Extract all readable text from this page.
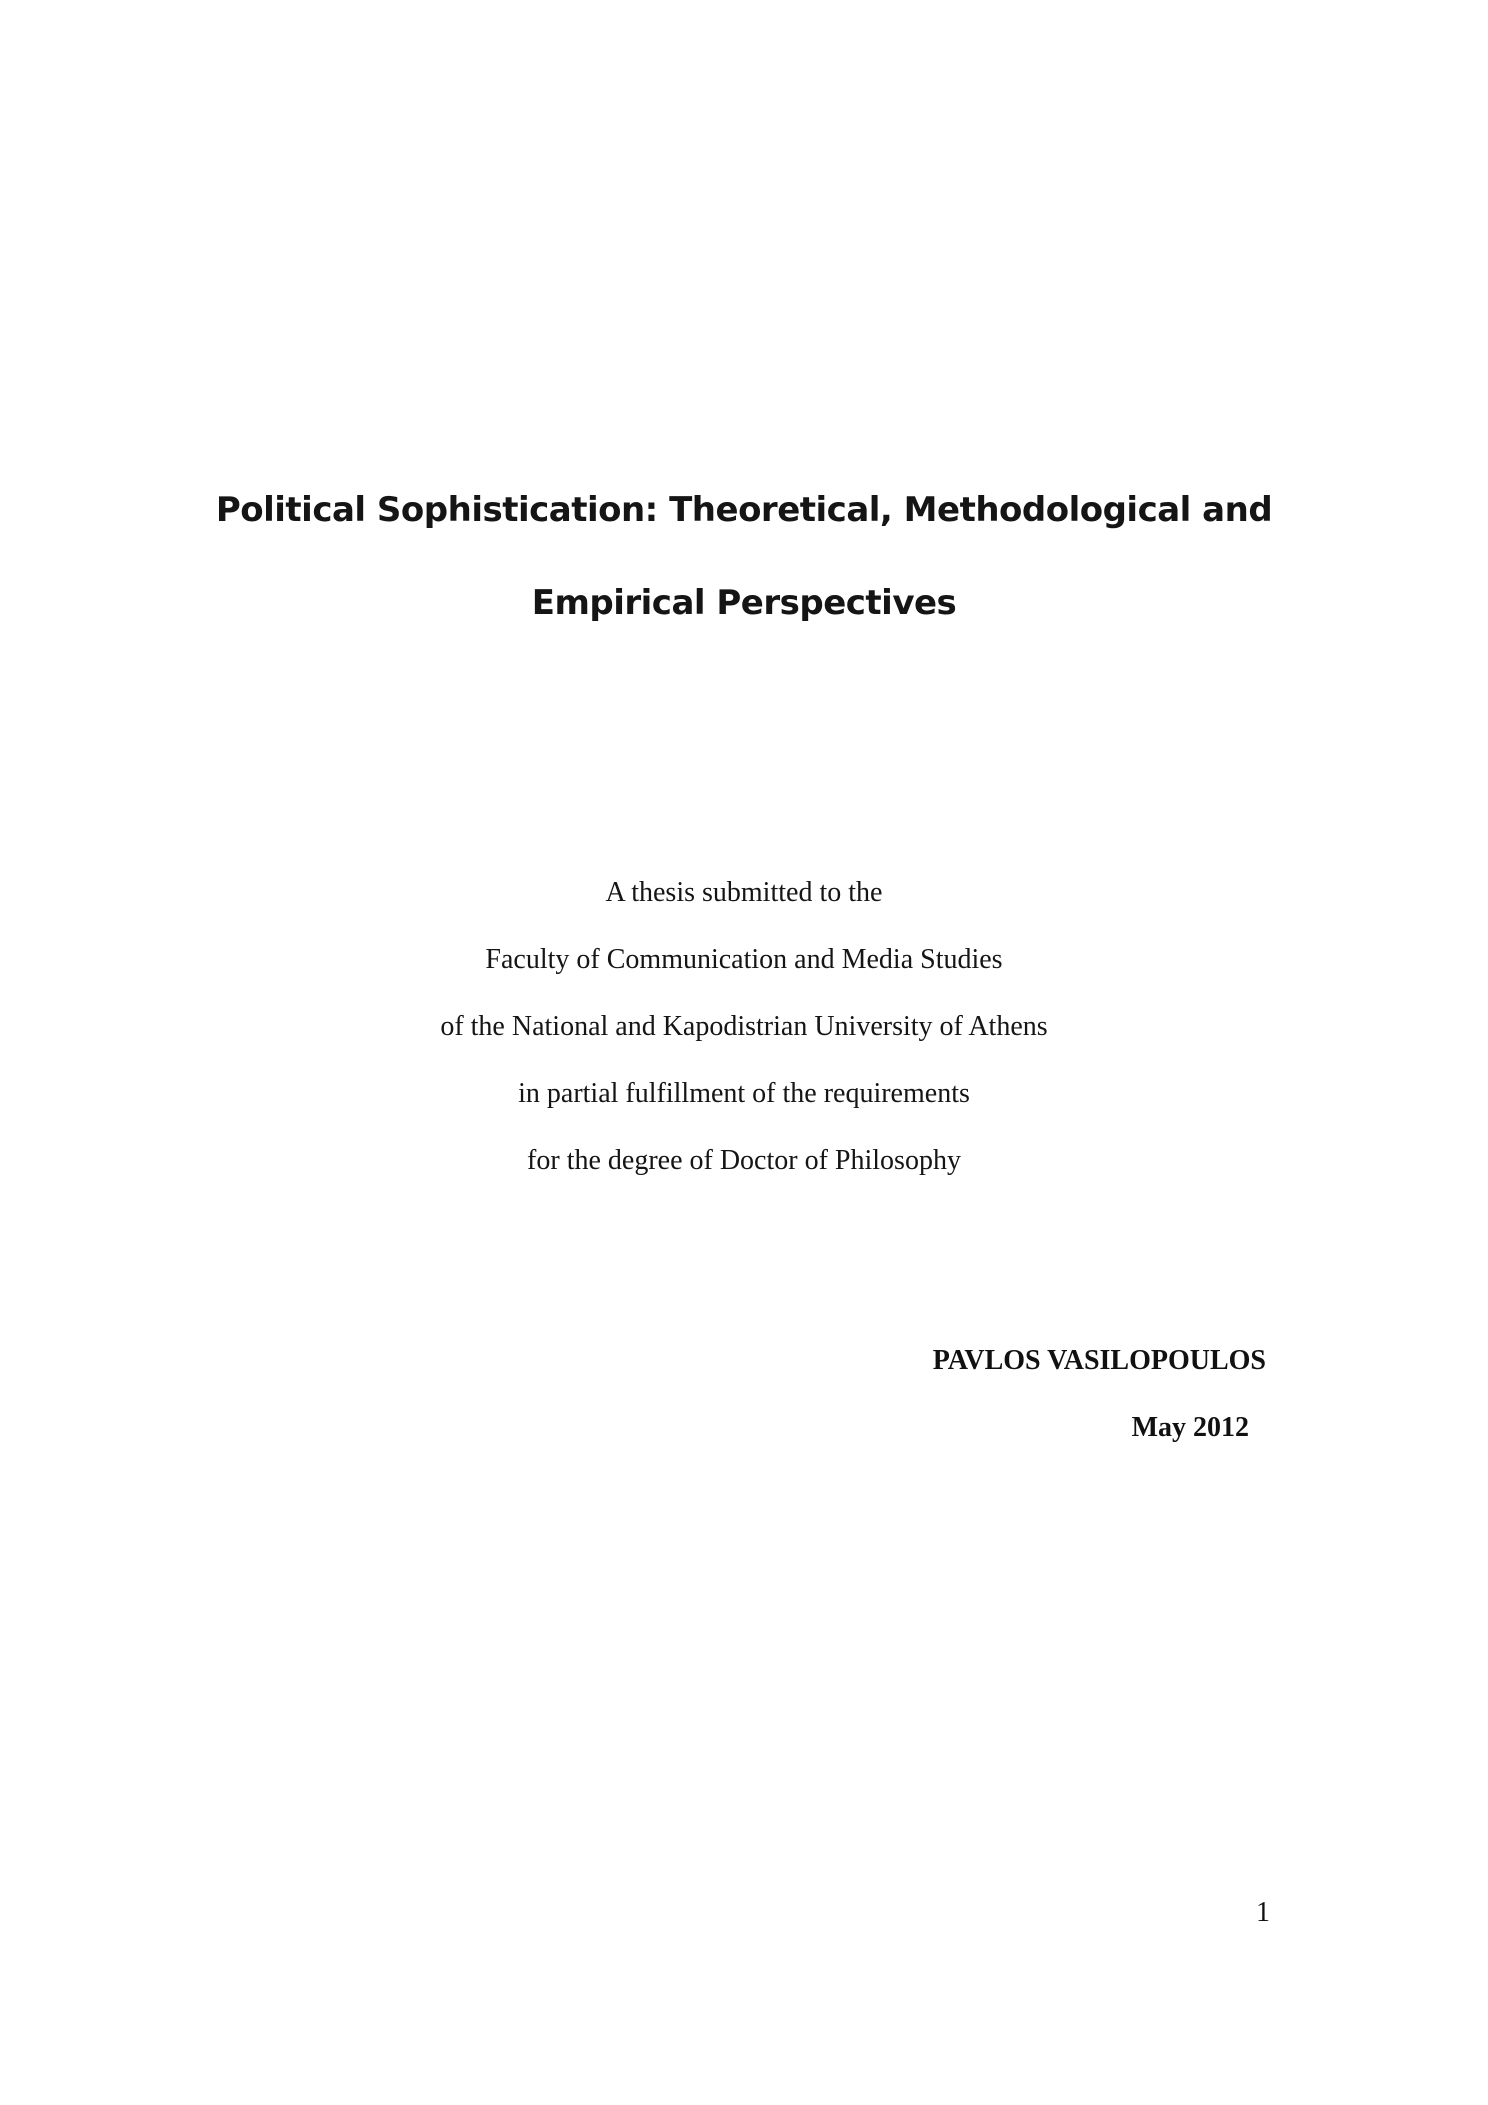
Political Sophistication: Theoretical, Methodological and
Empirical Perspectives
A thesis submitted to the
Faculty of Communication and Media Studies
of the National and Kapodistrian University of Athens
in partial fulfillment of the requirements
for the degree of Doctor of Philosophy
PAVLOS VASILOPOULOS
May 2012
1
